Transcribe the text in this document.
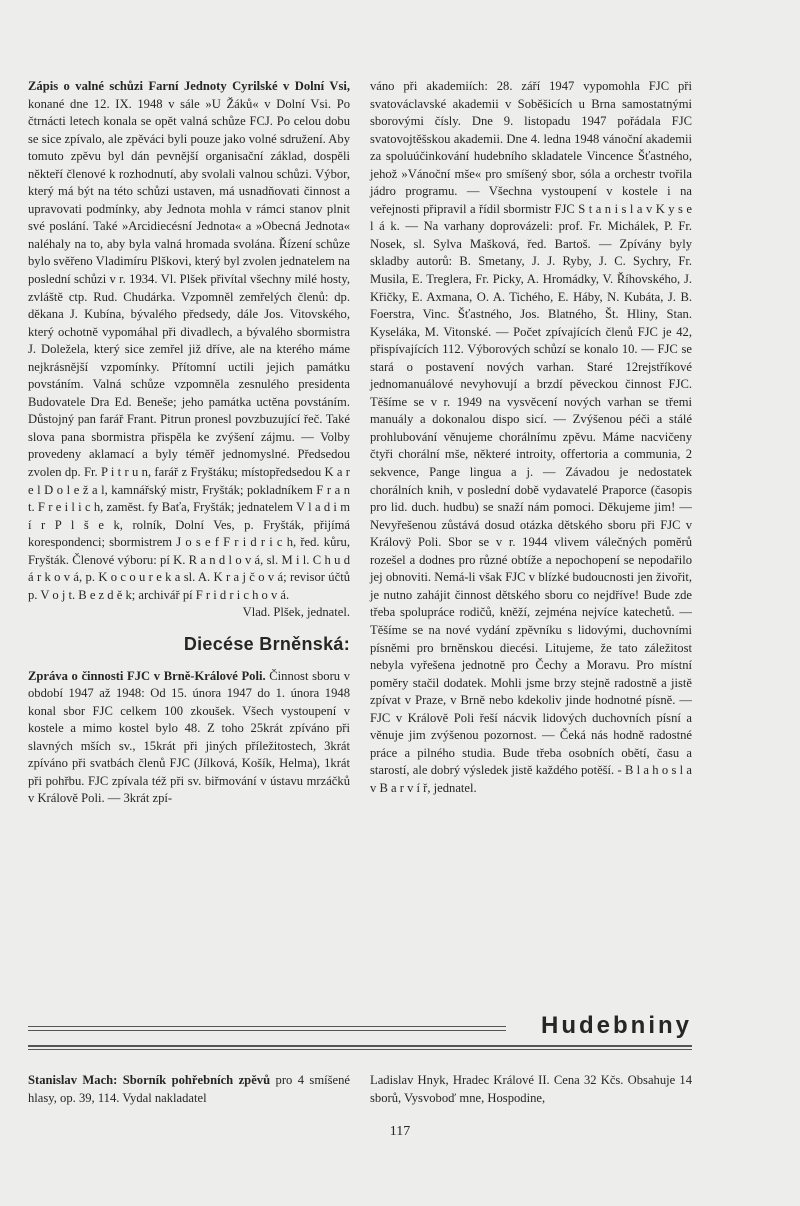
Zápis o valné schůzi Farní Jednoty Cyrilské v Dolní Vsi, konané dne 12. IX. 1948 v sále »U Žáků« v Dolní Vsi. Po čtrnácti letech konala se opět valná schůze FCJ. Po celou dobu se sice zpívalo, ale zpěváci byli pouze jako volné sdružení. Aby tomuto zpěvu byl dán pevnější organisační základ, dospěli někteří členové k rozhodnutí, aby svolali valnou schůzi. Výbor, který má být na této schůzi ustaven, má usnadňovati činnost a upravovati podmínky, aby Jednota mohla v rámci stanov plnit své poslání. Také »Arcidiecésní Jednota« a »Obecná Jednota« naléhaly na to, aby byla valná hromada svolána. Řízení schůze bylo svěřeno Vladimíru Plškovi, který byl zvolen jednatelem na poslední schůzi v r. 1934. Vl. Plšek přivítal všechny milé hosty, zvláště ctp. Rud. Chudárka. Vzpomněl zemřelých členů: dp. děkana J. Kubína, bývalého předsedy, dále Jos. Vitovského, který ochotně vypomáhal při divadlech, a bývalého sbormistra J. Doležela, který sice zemřel již dříve, ale na kterého máme nejkrásnější vzpomínky. Přítomní uctili jejich památku povstáním. Valná schůze vzpomněla zesnulého presidenta Budovatele Dra Ed. Beneše; jeho památka uctěna povstáním. Důstojný pan farář Frant. Pitrun pronesl povzbuzující řeč. Také slova pana sbormistra přispěla ke zvýšení zájmu. — Volby provedeny aklamací a byly téměř jednomyslné. Předsedou zvolen dp. Fr. P i t r u n, farář z Fryštáku; místopředsedou K a r e l D o l e ž a l, kamnářský mistr, Fryšták; pokladníkem F r a n t. F r e i l i c h, zaměst. fy Baťa, Fryšták; jednatelem V l a d i m í r P l š e k, rolník, Dolní Ves, p. Fryšták, přijímá korespondenci; sbormistrem J o s e f F r i d r i c h, řed. kůru, Fryšták. Členové výboru: pí K. R a n d l o v á, sl. M i l. C h u d á r k o v á, p. K o c o u r e k a sl. A. K r a j č o v á; revisor účtů p. V o j t. B e z d ě k; archivář pí F r i d r i c h o v á.

Vlad. Plšek, jednatel.

Diecése Brněnská:

Zpráva o činnosti FJC v Brně-Králové Poli. Činnost sboru v období 1947 až 1948: Od 15. února 1947 do 1. února 1948 konal sbor FJC celkem 100 zkoušek. Všech vystoupení v kostele a mimo kostel bylo 48. Z toho 25krát zpíváno při slavných mších sv., 15krát při jiných příležitostech, 3krát zpíváno při svatbách členů FJC (Jílková, Košík, Helma), 1krát při pohřbu. FJC zpívala též při sv. biřmování v ústavu mrzáčků v Králově Poli. — 3krát zpí-

váno při akademiích: 28. září 1947 vypomohla FJC při svatováclavské akademii v Soběšicích u Brna samostatnými sborovými čísly. Dne 9. listopadu 1947 pořádala FJC svatovojtěšskou akademii. Dne 4. ledna 1948 vánoční akademii za spoluúčinkování hudebního skladatele Vincence Šťastného, jehož »Vánoční mše« pro smíšený sbor, sóla a orchestr tvořila jádro programu. — Všechna vystoupení v kostele i na veřejnosti připravil a řídil sbormistr FJC S t a n i s l a v K y s e l á k. — Na varhany doprovázeli: prof. Fr. Michálek, P. Fr. Nosek, sl. Sylva Mašková, řed. Bartoš. — Zpívány byly skladby autorů: B. Smetany, J. J. Ryby, J. C. Sychry, Fr. Musila, E. Treglera, Fr. Picky, A. Hromádky, V. Říhovského, J. Křičky, E. Axmana, O. A. Tichého, E. Háby, N. Kubáta, J. B. Foerstra, Vinc. Šťastného, Jos. Blatného, Št. Hliny, Stan. Kyseláka, M. Vitonské. — Počet zpívajících členů FJC je 42, přispívajících 112. Výborových schůzí se konalo 10. — FJC se stará o postavení nových varhan. Staré 12rejstříkové jednomanuálové nevyhovují a brzdí pěveckou činnost FJC. Těšíme se v r. 1949 na vysvěcení nových varhan se třemi manuály a dokonalou dispo sicí. — Zvýšenou péči a stálé prohlubování věnujeme chorálnímu zpěvu. Máme nacvičeny čtyři chorální mše, některé introity, offertoria a communia, 2 sekvence, Pange lingua a j. — Závadou je nedostatek chorálních knih, v poslední době vydavatelé Praporce (časopis pro lid. duch. hudbu) se snaží nám pomoci. Děkujeme jim! — Nevyřešenou zůstává dosud otázka dětského sboru při FJC v Královÿ Poli. Sbor se v r. 1944 vlivem válečných poměrů rozešel a dodnes pro různé obtíže a nepochopení se nepodařilo jej obnoviti. Nemá-li však FJC v blízké budoucnosti jen živořit, je nutno zahájit činnost dětského sboru co nejdříve! Bude zde třeba spolupráce rodičů, kněží, zejména nejvíce katechetů. — Těšíme se na nové vydání zpěvníku s lidovými, duchovními písněmi pro brněnskou diecési. Litujeme, že tato záležitost nebyla vyřešena jednotně pro Čechy a Moravu. Pro místní poměry stačil dodatek. Mohli jsme brzy stejně radostně a jistě zpívat v Praze, v Brně nebo kdekoliv jinde hodnotné písně. — FJC v Králově Poli řeší nácvik lidových duchovních písní a věnuje jim zvýšenou pozornost. — Čeká nás hodně radostné práce a pilného studia. Bude třeba osobních obětí, času a starostí, ale dobrý výsledek jistě každého potěší. - B l a h o s l a v B a r v í ř, jednatel.

Hudebniny
Stanislav Mach: Sborník pohřebních zpěvů pro 4 smíšené hlasy, op. 39, 114. Vydal nakladatel
Ladislav Hnyk, Hradec Králové II. Cena 32 Kčs. Obsahuje 14 sborů, Vysvoboď mne, Hospodine,
117
